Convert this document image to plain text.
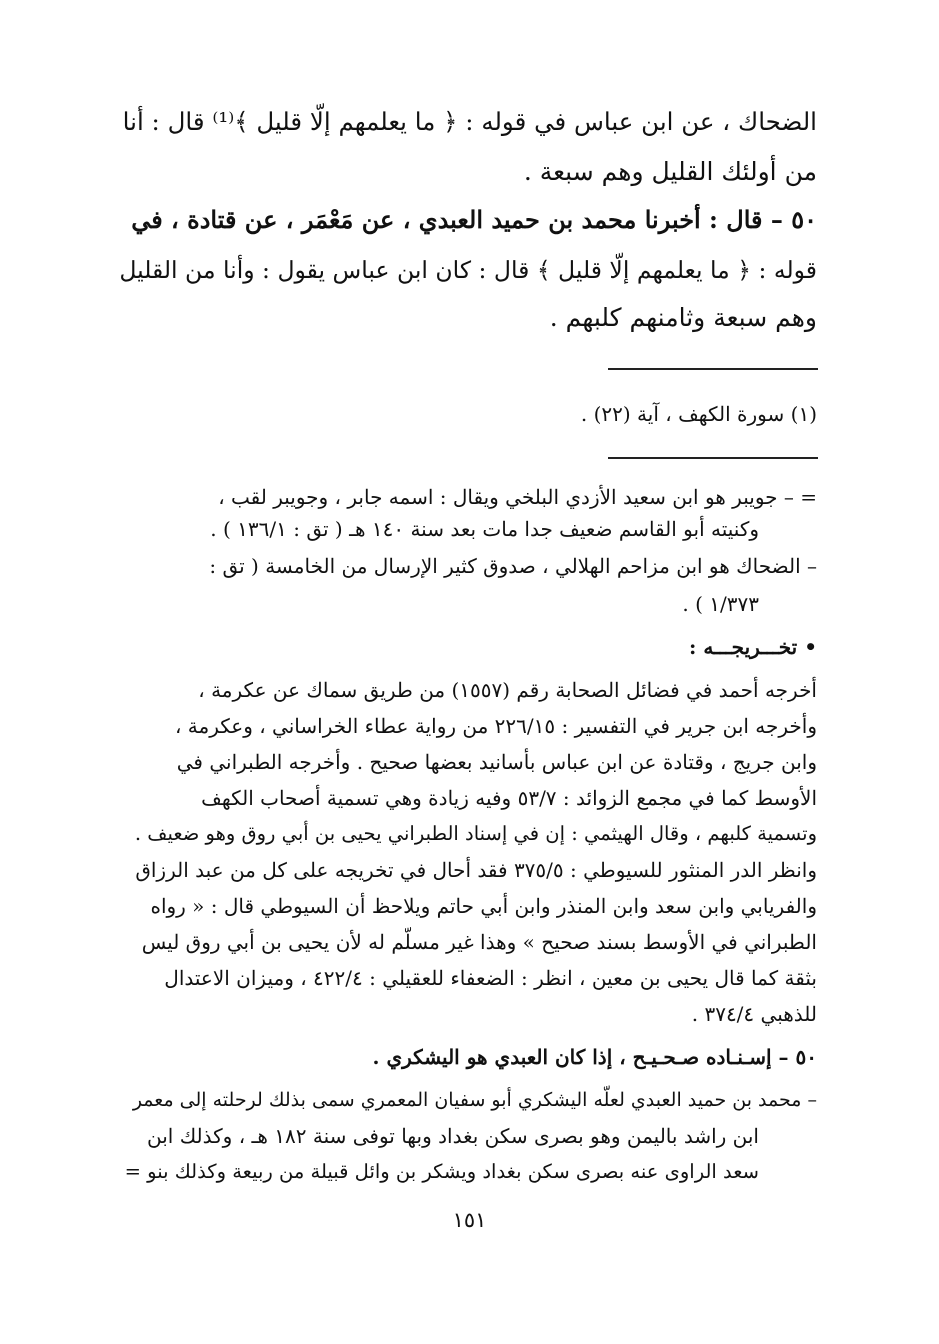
الضحاك ، عن ابن عباس في قوله : ﴿ ما يعلمهم إلّا قليل ﴾⁽¹⁾ قال : أنا
من أولئك القليل وهم سبعة .
٥٠ – قال : أخبرنا محمد بن حميد العبدي ، عن مَعْمَر ، عن قتادة ، في
قوله : ﴿ ما يعلمهم إلّا قليل ﴾ قال : كان ابن عباس يقول : وأنا من القليل
وهم سبعة وثامنهم كلبهم .
(١) سورة الكهف ، آية (٢٢) .
= – جويبر هو ابن سعيد الأزدي البلخي ويقال : اسمه جابر ، وجويبر لقب ،
وكنيته أبو القاسم ضعيف جدا مات بعد سنة ١٤٠ هـ ( تق : ١٣٦/١ ) .
– الضحاك هو ابن مزاحم الهلالي ، صدوق كثير الإرسال من الخامسة ( تق :
١/٣٧٣ ) .
• تخـــريجـــه :
أخرجه أحمد في فضائل الصحابة رقم (١٥٥٧) من طريق سماك عن عكرمة ،
وأخرجه ابن جرير في التفسير : ٢٢٦/١٥ من رواية عطاء الخراساني ، وعكرمة ،
وابن جريج ، وقتادة عن ابن عباس بأسانيد بعضها صحيح . وأخرجه الطبراني في
الأوسط كما في مجمع الزوائد : ٥٣/٧ وفيه زيادة وهي تسمية أصحاب الكهف
وتسمية كلبهم ، وقال الهيثمي : إن في إسناد الطبراني يحيى بن أبي روق وهو ضعيف .
وانظر الدر المنثور للسيوطي : ٣٧٥/٥ فقد أحال في تخريجه على كل من عبد الرزاق
والفريابي وابن سعد وابن المنذر وابن أبي حاتم ويلاحظ أن السيوطي قال : « رواه
الطبراني في الأوسط بسند صحيح » وهذا غير مسلّم له لأن يحيى بن أبي روق ليس
بثقة كما قال يحيى بن معين ، انظر : الضعفاء للعقيلي : ٤٢٢/٤ ، وميزان الاعتدال
للذهبي ٣٧٤/٤ .
٥٠ – إسـنـاده صـحـيـح ، إذا كان العبدي هو اليشكري .
– محمد بن حميد العبدي لعلّه اليشكري أبو سفيان المعمري سمى بذلك لرحلته إلى معمر
ابن راشد باليمن وهو بصرى سكن بغداد وبها توفى سنة ١٨٢ هـ ، وكذلك ابن
سعد الراوى عنه بصرى سكن بغداد ويشكر بن وائل قبيلة من ربيعة وكذلك بنو =
١٥١
